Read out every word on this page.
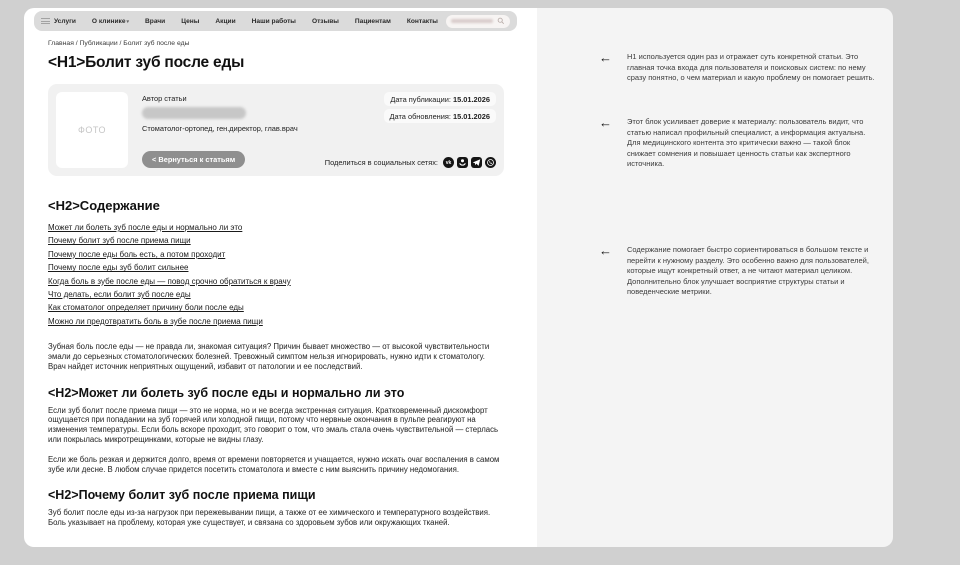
Услуги О клинике▾ Врачи Цены Акции Наши работы Отзывы Пациентам Контакты
Главная / Публикации / Болит зуб после еды
<H1>Болит зуб после еды
ФОТО
Автор статьи
Стоматолог-ортопед, ген.директор, глав.врач
< Вернуться к статьям
Дата публикации: 15.01.2026
Дата обновления: 15.01.2026
Поделиться в социальных сетях: vk
<H2>Содержание
Может ли болеть зуб после еды и нормально ли это
Почему болит зуб после приема пищи
Почему после еды боль есть, а потом проходит
Почему после еды зуб болит сильнее
Когда боль в зубе после еды — повод срочно обратиться к врачу
Что делать, если болит зуб после еды
Как стоматолог определяет причину боли после еды
Можно ли предотвратить боль в зубе после приема пищи
Зубная боль после еды — не правда ли, знакомая ситуация? Причин бывает множество — от высокой чувствительности эмали до серьезных стоматологических болезней. Тревожный симптом нельзя игнорировать, нужно идти к стоматологу. Врач найдет источник неприятных ощущений, избавит от патологии и ее последствий.
<H2>Может ли болеть зуб после еды и нормально ли это
Если зуб болит после приема пищи — это не норма, но и не всегда экстренная ситуация. Кратковременный дискомфорт ощущается при попадании на зуб горячей или холодной пищи, потому что нервные окончания в пульпе реагируют на изменения температуры. Если боль вскоре проходит, это говорит о том, что эмаль стала очень чувствительной — стерлась или покрылась микротрещинками, которые не видны глазу.
Если же боль резкая и держится долго, время от времени повторяется и учащается, нужно искать очаг воспаления в самом зубе или десне. В любом случае придется посетить стоматолога и вместе с ним выяснить причину недомогания.
<H2>Почему болит зуб после приема пищи
Зуб болит после еды из-за нагрузок при пережевывании пищи, а также от ее химического и температурного воздействия. Боль указывает на проблему, которая уже существует, и связана со здоровьем зубов или окружающих тканей.
← H1 используется один раз и отражает суть конкретной статьи. Это главная точка входа для пользователя и поисковых систем: по нему сразу понятно, о чем материал и какую проблему он помогает решить.
← Этот блок усиливает доверие к материалу: пользователь видит, что статью написал профильный специалист, а информация актуальна. Для медицинского контента это критически важно — такой блок снижает сомнения и повышает ценность статьи как экспертного источника.
← Содержание помогает быстро сориентироваться в большом тексте и перейти к нужному разделу. Это особенно важно для пользователей, которые ищут конкретный ответ, а не читают материал целиком. Дополнительно блок улучшает восприятие структуры статьи и поведенческие метрики.
